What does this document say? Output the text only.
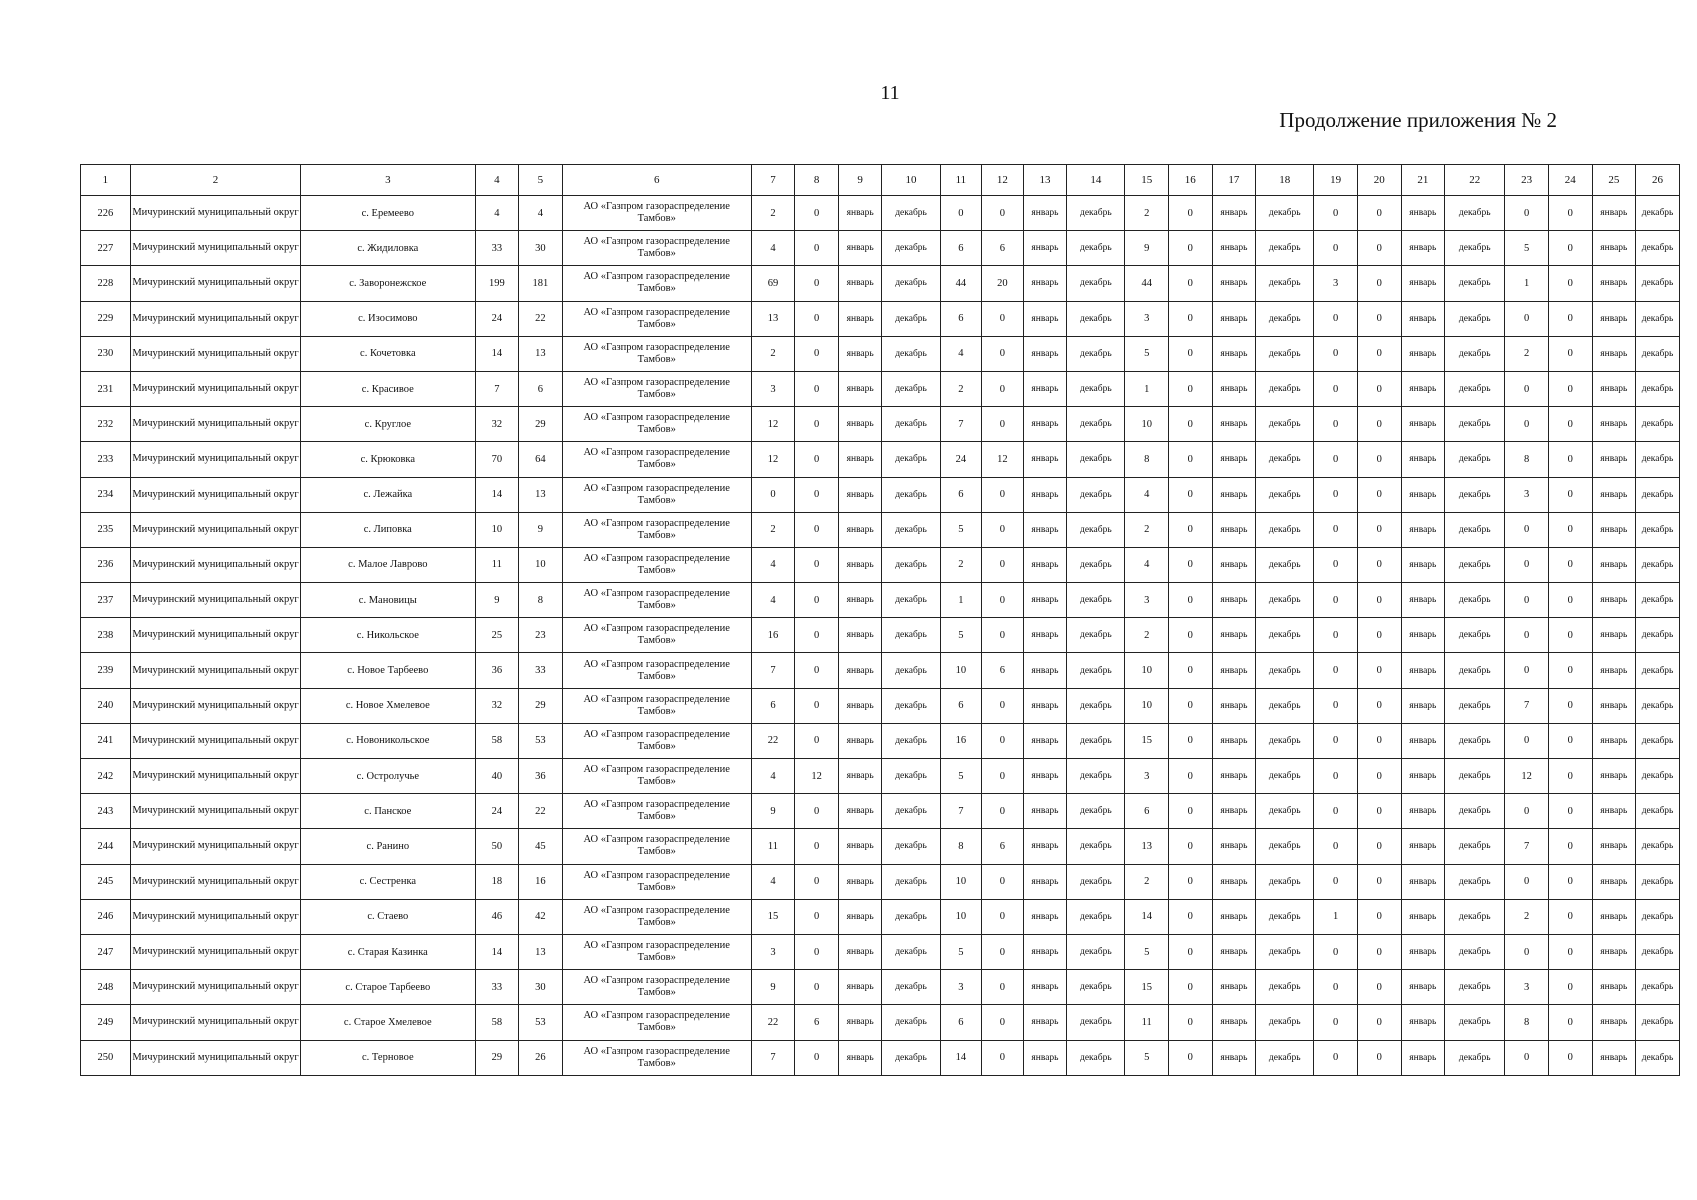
11
Продолжение приложения № 2
1	2	3	4	5	6	7	8	9	10	11	12	13	14	15	16	17	18	19	20	21	22	23	24	25	26
226	Мичуринский муниципальный округ	с. Еремеево	4	4	АО «Газпром газораспределение Тамбов»	2	0	январь	декабрь	0	0	январь	декабрь	2	0	январь	декабрь	0	0	январь	декабрь	0	0	январь	декабрь
227	Мичуринский муниципальный округ	с. Жидиловка	33	30	АО «Газпром газораспределение Тамбов»	4	0	январь	декабрь	6	6	январь	декабрь	9	0	январь	декабрь	0	0	январь	декабрь	5	0	январь	декабрь
228	Мичуринский муниципальный округ	с. Заворонежское	199	181	АО «Газпром газораспределение Тамбов»	69	0	январь	декабрь	44	20	январь	декабрь	44	0	январь	декабрь	3	0	январь	декабрь	1	0	январь	декабрь
229	Мичуринский муниципальный округ	с. Изосимово	24	22	АО «Газпром газораспределение Тамбов»	13	0	январь	декабрь	6	0	январь	декабрь	3	0	январь	декабрь	0	0	январь	декабрь	0	0	январь	декабрь
230	Мичуринский муниципальный округ	с. Кочетовка	14	13	АО «Газпром газораспределение Тамбов»	2	0	январь	декабрь	4	0	январь	декабрь	5	0	январь	декабрь	0	0	январь	декабрь	2	0	январь	декабрь
231	Мичуринский муниципальный округ	с. Красивое	7	6	АО «Газпром газораспределение Тамбов»	3	0	январь	декабрь	2	0	январь	декабрь	1	0	январь	декабрь	0	0	январь	декабрь	0	0	январь	декабрь
232	Мичуринский муниципальный округ	с. Круглое	32	29	АО «Газпром газораспределение Тамбов»	12	0	январь	декабрь	7	0	январь	декабрь	10	0	январь	декабрь	0	0	январь	декабрь	0	0	январь	декабрь
233	Мичуринский муниципальный округ	с. Крюковка	70	64	АО «Газпром газораспределение Тамбов»	12	0	январь	декабрь	24	12	январь	декабрь	8	0	январь	декабрь	0	0	январь	декабрь	8	0	январь	декабрь
234	Мичуринский муниципальный округ	с. Лежайка	14	13	АО «Газпром газораспределение Тамбов»	0	0	январь	декабрь	6	0	январь	декабрь	4	0	январь	декабрь	0	0	январь	декабрь	3	0	январь	декабрь
235	Мичуринский муниципальный округ	с. Липовка	10	9	АО «Газпром газораспределение Тамбов»	2	0	январь	декабрь	5	0	январь	декабрь	2	0	январь	декабрь	0	0	январь	декабрь	0	0	январь	декабрь
236	Мичуринский муниципальный округ	с. Малое Лаврово	11	10	АО «Газпром газораспределение Тамбов»	4	0	январь	декабрь	2	0	январь	декабрь	4	0	январь	декабрь	0	0	январь	декабрь	0	0	январь	декабрь
237	Мичуринский муниципальный округ	с. Мановицы	9	8	АО «Газпром газораспределение Тамбов»	4	0	январь	декабрь	1	0	январь	декабрь	3	0	январь	декабрь	0	0	январь	декабрь	0	0	январь	декабрь
238	Мичуринский муниципальный округ	с. Никольское	25	23	АО «Газпром газораспределение Тамбов»	16	0	январь	декабрь	5	0	январь	декабрь	2	0	январь	декабрь	0	0	январь	декабрь	0	0	январь	декабрь
239	Мичуринский муниципальный округ	с. Новое Тарбеево	36	33	АО «Газпром газораспределение Тамбов»	7	0	январь	декабрь	10	6	январь	декабрь	10	0	январь	декабрь	0	0	январь	декабрь	0	0	январь	декабрь
240	Мичуринский муниципальный округ	с. Новое Хмелевое	32	29	АО «Газпром газораспределение Тамбов»	6	0	январь	декабрь	6	0	январь	декабрь	10	0	январь	декабрь	0	0	январь	декабрь	7	0	январь	декабрь
241	Мичуринский муниципальный округ	с. Новоникольское	58	53	АО «Газпром газораспределение Тамбов»	22	0	январь	декабрь	16	0	январь	декабрь	15	0	январь	декабрь	0	0	январь	декабрь	0	0	январь	декабрь
242	Мичуринский муниципальный округ	с. Остролучье	40	36	АО «Газпром газораспределение Тамбов»	4	12	январь	декабрь	5	0	январь	декабрь	3	0	январь	декабрь	0	0	январь	декабрь	12	0	январь	декабрь
243	Мичуринский муниципальный округ	с. Панское	24	22	АО «Газпром газораспределение Тамбов»	9	0	январь	декабрь	7	0	январь	декабрь	6	0	январь	декабрь	0	0	январь	декабрь	0	0	январь	декабрь
244	Мичуринский муниципальный округ	с. Ранино	50	45	АО «Газпром газораспределение Тамбов»	11	0	январь	декабрь	8	6	январь	декабрь	13	0	январь	декабрь	0	0	январь	декабрь	7	0	январь	декабрь
245	Мичуринский муниципальный округ	с. Сестренка	18	16	АО «Газпром газораспределение Тамбов»	4	0	январь	декабрь	10	0	январь	декабрь	2	0	январь	декабрь	0	0	январь	декабрь	0	0	январь	декабрь
246	Мичуринский муниципальный округ	с. Стаево	46	42	АО «Газпром газораспределение Тамбов»	15	0	январь	декабрь	10	0	январь	декабрь	14	0	январь	декабрь	1	0	январь	декабрь	2	0	январь	декабрь
247	Мичуринский муниципальный округ	с. Старая Казинка	14	13	АО «Газпром газораспределение Тамбов»	3	0	январь	декабрь	5	0	январь	декабрь	5	0	январь	декабрь	0	0	январь	декабрь	0	0	январь	декабрь
248	Мичуринский муниципальный округ	с. Старое Тарбеево	33	30	АО «Газпром газораспределение Тамбов»	9	0	январь	декабрь	3	0	январь	декабрь	15	0	январь	декабрь	0	0	январь	декабрь	3	0	январь	декабрь
249	Мичуринский муниципальный округ	с. Старое Хмелевое	58	53	АО «Газпром газораспределение Тамбов»	22	6	январь	декабрь	6	0	январь	декабрь	11	0	январь	декабрь	0	0	январь	декабрь	8	0	январь	декабрь
250	Мичуринский муниципальный округ	с. Терновое	29	26	АО «Газпром газораспределение Тамбов»	7	0	январь	декабрь	14	0	январь	декабрь	5	0	январь	декабрь	0	0	январь	декабрь	0	0	январь	декабрь
